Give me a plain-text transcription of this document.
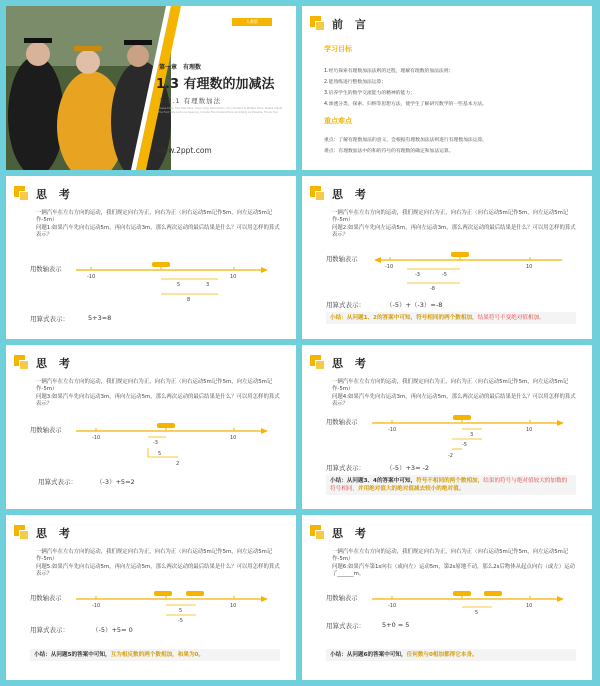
人教版
第一章　有理数
1.3 有理数的加减法
1.3.1 有理数加法
Please Enter The Title Here. Clear Copy Description. Your Content Is Written Here. Please Adjust The Font Size And Line Spacing. Include The Content Here As Simply As Possible. Thank You!
www.2ppt.com
前 言
学习目标
1.经历探索有理数加法法则的过程，理解有理数的加法法则；
2.能熟练进行整数加法运算；
3.培养学生的数学交流能力的精神的能力；
4.渗透分类、探索、归纳等思想方法，使学生了解研究数学的一些基本方法。
重点难点
重点：了解有理数加法的意义，会根据有理数加法法则进行有理数加法运算。
难点：有理数加法中的和的符号的有理数的确定和加法运算。
思 考
一辆汽车在左右方向的运动，我们规定向右为正，向右为正（向右运动5m记作5m，向左运动5m记作-5m）
问题1:如果汽车先向右运动5m，再向右运动3m，那么两次运动的最后结果是什么？可以用怎样的算式表示？
用数轴表示
-10	10
5	3
8
用算式表示：	5+3=8
思 考
一辆汽车在左右方向的运动，我们规定向右为正，向右为正（向右运动5m记作5m，向左运动5m记作-5m）
问题2:如果汽车先向左运动5m，再向左运动3m，那么两次运动的最后结果是什么？可以用怎样的算式表示？
用数轴表示
-10	10
-3	-5
-8
用算式表示：	（-5）+（-3）=-8
小结：从问题1、2的答案中可知，符号相同的两个数相加，结果符号不变绝对值相加。
思 考
一辆汽车在左右方向的运动，我们规定向右为正，向右为正（向右运动5m记作5m，向左运动5m记作-5m）
问题3:如果汽车先向右运动3m，再向左运动5m，那么两次运动的最后结果是什么？可以用怎样的算式表示？
用数轴表示
-10	10
-3
5
2
用算式表示：	（-3）+5=2
思 考
一辆汽车在左右方向的运动，我们规定向右为正，向右为正（向右运动5m记作5m，向左运动5m记作-5m）
问题4:如果汽车先向右运动3m，再向左运动5m，那么两次运动的最后结果是什么？可以用怎样的算式表示？
用数轴表示
-10	10
3
-5
-2
用算式表示：	（-5）+3= -2
小结：从问题3、4的答案中可知，符号不相同的两个数相加，结果的符号与绝对值较大的加数的符号相同，并用绝对值大的绝对值减去较小的绝对值。
思 考
一辆汽车在左右方向的运动，我们规定向右为正，向右为正（向右运动5m记作5m，向左运动5m记作-5m）
问题5:如果汽车先向右运动5m，再向左运动5m，那么两次运动的最后结果是什么？可以用怎样的算式表示？
用数轴表示
-10	10
5
-5
用算式表示：	（-5）+5= 0
小结：从问题5的答案中可知，互为相反数的两个数相加，和果为0。
思 考
一辆汽车在左右方向的运动，我们规定向右为正，向右为正（向右运动5m记作5m，向左运动5m记作-5m）
问题6:如果汽车第1s向右（或向左）运动5m，第2s原地不动，那么2s后物体从起点向右（或左）运动了______m。
用数轴表示
-10	10
5
用算式表示：	5+0 = 5
小结：从问题6的答案中可知，任何数与0相加都得它本身。
